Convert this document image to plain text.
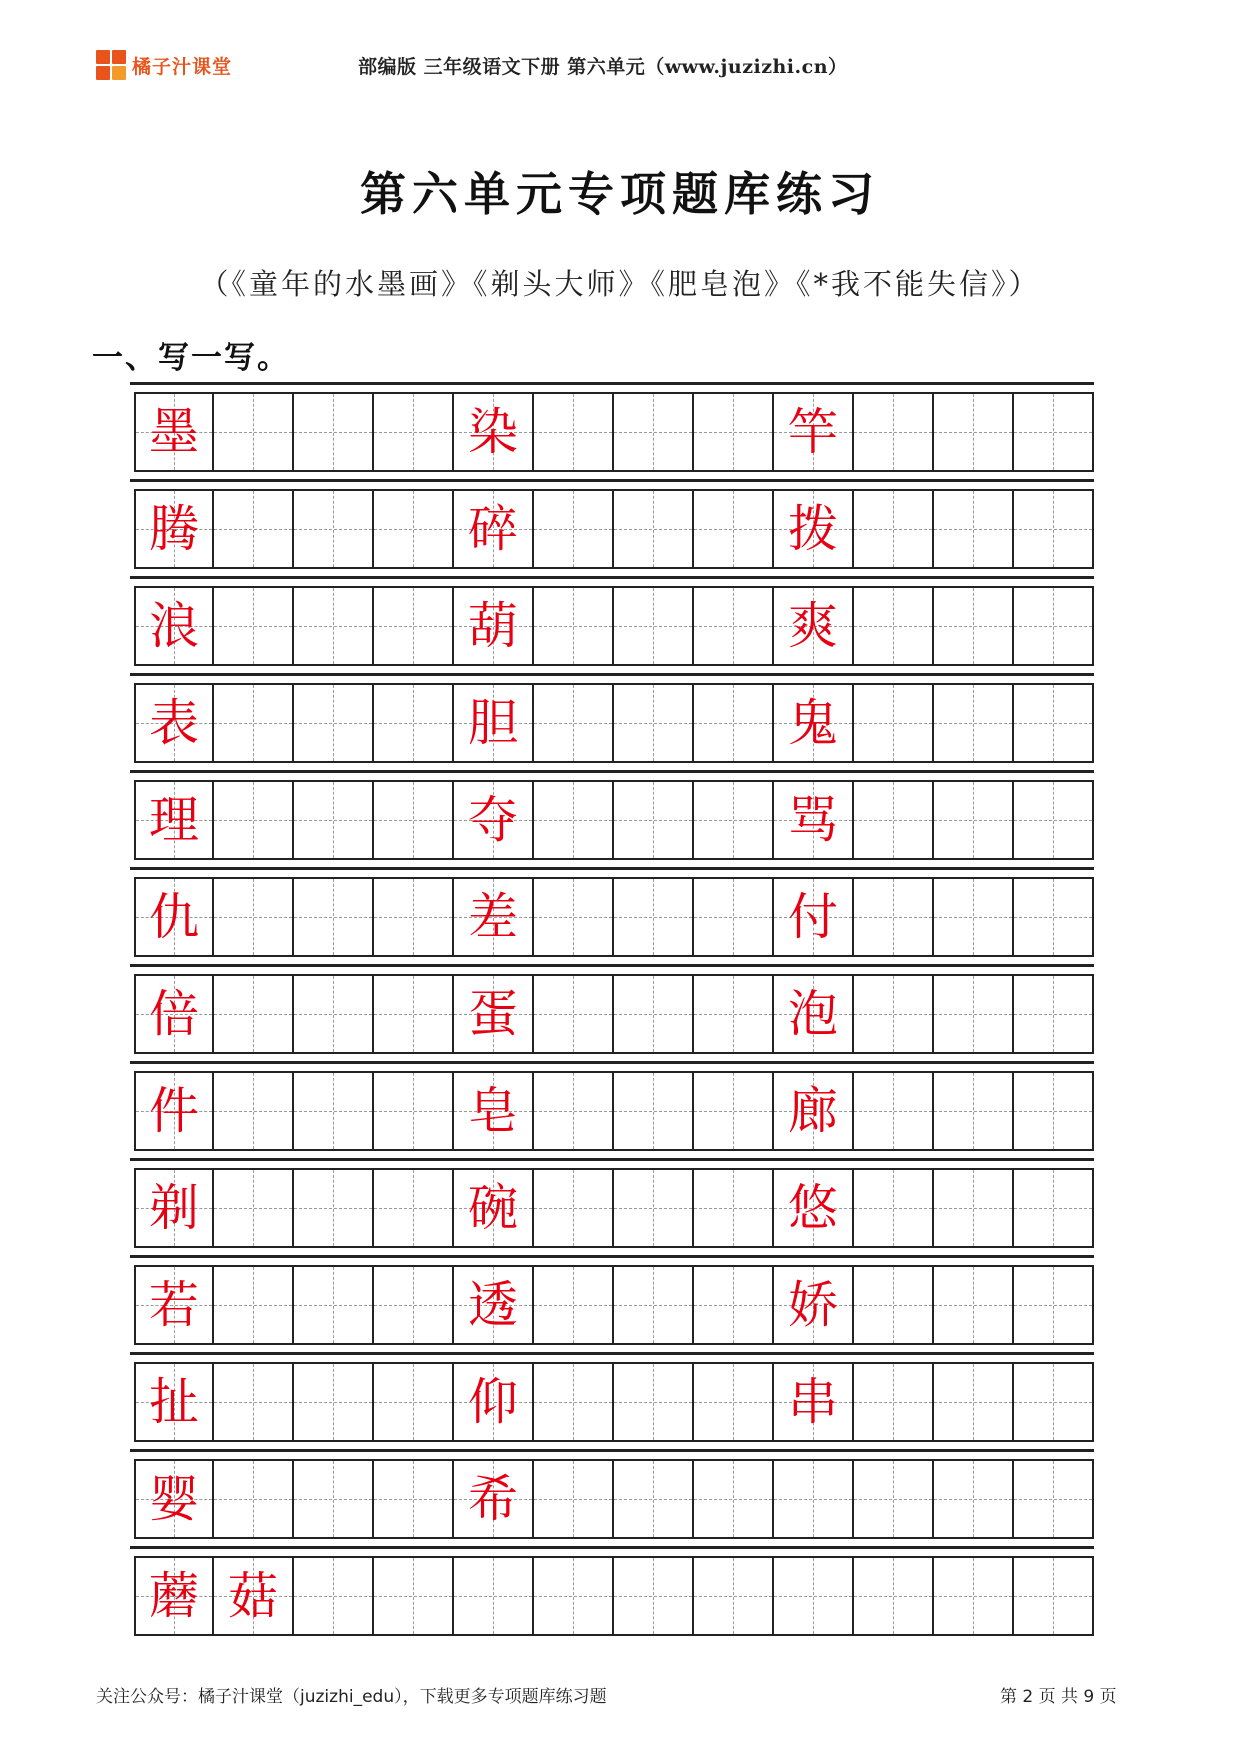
橘子汁课堂	部编版 三年级语文下册 第六单元（www.juzizhi.cn）
第六单元专项题库练习
（《童年的水墨画》《剃头大师》《肥皂泡》《*我不能失信》）
一、写一写。
墨	染	竿
腾	碎	拨
浪	葫	爽
表	胆	鬼
理	夺	骂
仇	差	付
倍	蛋	泡
件	皂	廊
剃	碗	悠
若	透	娇
扯	仰	串
婴	希
蘑 菇
关注公众号：橘子汁课堂（juzizhi_edu），下载更多专项题库练习题	第 2 页 共 9 页
